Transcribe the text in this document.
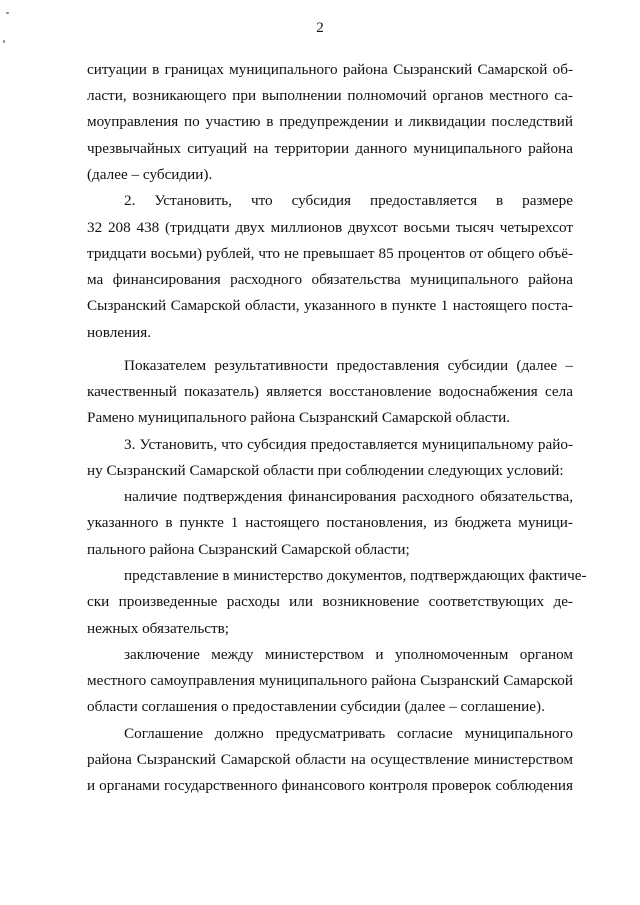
2
ситуации в границах муниципального района Сызранский Самарской об-
ласти, возникающего при выполнении полномочий органов местного са-
моуправления по участию в предупреждении и ликвидации последствий
чрезвычайных ситуаций на территории данного муниципального района
(далее – субсидии).
2. Установить, что субсидия предоставляется в размере
32 208 438 (тридцати двух миллионов двухсот восьми тысяч четырехсот
тридцати восьми) рублей, что не превышает 85 процентов от общего объё-
ма финансирования расходного обязательства муниципального района
Сызранский Самарской области, указанного в пункте 1 настоящего поста-
новления.
Показателем результативности предоставления субсидии (далее –
качественный показатель) является восстановление водоснабжения села
Рамено муниципального района Сызранский Самарской области.
3. Установить, что субсидия предоставляется муниципальному райо-
ну Сызранский Самарской области при соблюдении следующих условий:
наличие подтверждения финансирования расходного обязательства,
указанного в пункте 1 настоящего постановления, из бюджета муници-
пального района Сызранский Самарской области;
представление в министерство документов, подтверждающих фактиче-
ски произведенные расходы или возникновение соответствующих де-
нежных обязательств;
заключение между министерством и уполномоченным органом
местного самоуправления муниципального района Сызранский Самарской
области соглашения о предоставлении субсидии (далее – соглашение).
Соглашение должно предусматривать согласие муниципального
района Сызранский Самарской области на осуществление министерством
и органами государственного финансового контроля проверок соблюдения
